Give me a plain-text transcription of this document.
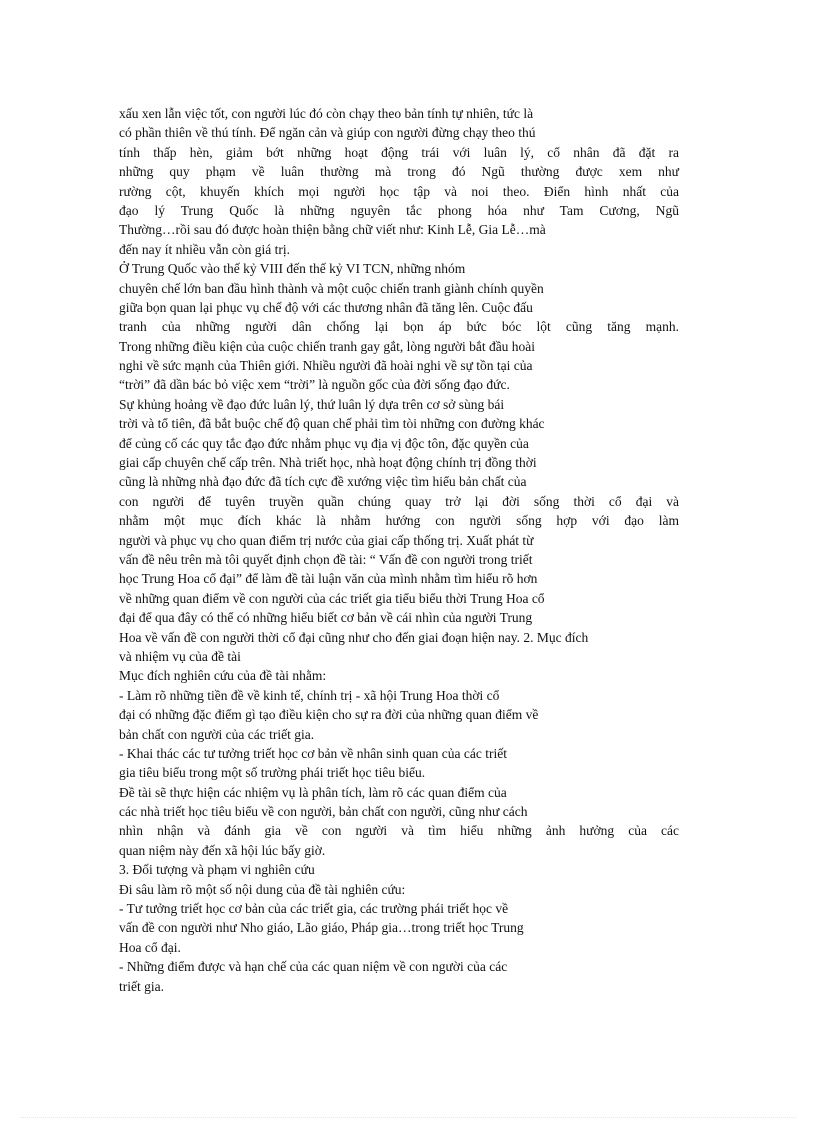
xấu xen lẫn việc tốt, con người lúc đó còn chạy theo bản tính tự nhiên, tức là
có phần thiên về thú tính. Để ngăn cản và giúp con người đừng chạy theo thú
tính thấp hèn, giảm bớt những hoạt động trái với luân lý, cổ nhân đã đặt ra
những quy phạm về luân thường mà trong đó Ngũ thường được xem như
rường cột, khuyến khích mọi người học tập và noi theo. Điển hình nhất của
đạo lý Trung Quốc là những nguyên tắc phong hóa như Tam Cương, Ngũ
Thường…rồi sau đó được hoàn thiện bằng chữ viết như: Kinh Lễ, Gia Lễ…mà
đến nay ít nhiều vẫn còn giá trị.
Ở Trung Quốc vào thế kỷ VIII đến thế kỷ VI TCN, những nhóm
chuyên chế lớn ban đầu hình thành và một cuộc chiến tranh giành chính quyền
giữa bọn quan lại phục vụ chế độ với các thương nhân đã tăng lên. Cuộc đấu
tranh của những người dân chống lại bọn áp bức bóc lột cũng tăng mạnh.
Trong những điều kiện của cuộc chiến tranh gay gắt, lòng người bắt đầu hoài
nghi về sức mạnh của Thiên giới. Nhiều người đã hoài nghi về sự tồn tại của
“trời” đã dần bác bỏ việc xem “trời” là nguồn gốc của đời sống đạo đức.
Sự khủng hoảng về đạo đức luân lý, thứ luân lý dựa trên cơ sở sùng bái
trời và tổ tiên, đã bắt buộc chế độ quan chế phải tìm tòi những con đường khác
để củng cố các quy tắc đạo đức nhằm phục vụ địa vị độc tôn, đặc quyền của
giai cấp chuyên chế cấp trên. Nhà triết học, nhà hoạt động chính trị đồng thời
cũng là những nhà đạo đức đã tích cực đề xướng việc tìm hiểu bản chất của
con người để tuyên truyền quần chúng quay trở lại đời sống thời cổ đại và
nhằm một mục đích khác là nhằm hướng con người sống hợp với đạo làm
người và phục vụ cho quan điểm trị nước của giai cấp thống trị. Xuất phát từ
vấn đề nêu trên mà tôi quyết định chọn đề tài: “ Vấn đề con người trong triết
học Trung Hoa cổ đại” để làm đề tài luận văn của mình nhằm tìm hiểu rõ hơn
về những quan điểm về con người của các triết gia tiểu biểu thời Trung Hoa cổ
đại để qua đây có thể có những hiểu biết cơ bản về cái nhìn của người Trung
Hoa về vấn đề con người thời cổ đại cũng như cho đến giai đoạn hiện nay. 2. Mục đích
và nhiệm vụ của đề tài
Mục đích nghiên cứu của đề tài nhằm:
- Làm rõ những tiền đề về kinh tế, chính trị - xã hội Trung Hoa thời cổ
đại có những đặc điểm gì tạo điều kiện cho sự ra đời của những quan điểm về
bản chất con người của các triết gia.
- Khai thác các tư tưởng triết học cơ bản về nhân sinh quan của các triết
gia tiêu biểu trong một số trường phái triết học tiêu biểu.
Đề tài sẽ thực hiện các nhiệm vụ là phân tích, làm rõ các quan điểm của
các nhà triết học tiêu biểu về con người, bản chất con người, cũng như cách
nhìn nhận và đánh gia về con người và tìm hiểu những ảnh hưởng của các
quan niệm này đến xã hội lúc bấy giờ.
3. Đối tượng và phạm vi nghiên cứu
Đi sâu làm rõ một số nội dung của đề tài nghiên cứu:
- Tư tưởng triết học cơ bản của các triết gia, các trường phái triết học về
vấn đề con người như Nho giáo, Lão giáo, Pháp gia…trong triết học Trung
Hoa cổ đại.
- Những điểm được và hạn chế của các quan niệm về con người của các
triết gia.
